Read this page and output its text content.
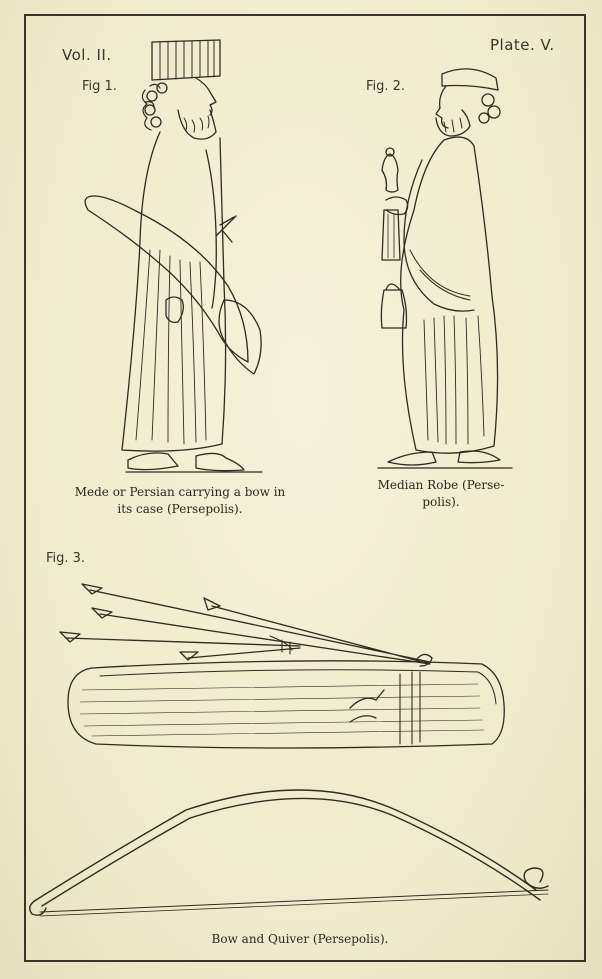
Vol. II.
Plate. V.
Fig 1.	Fig. 2.
Fig. 3.
Mede or Persian carrying a bow in
its case (Persepolis).
Median Robe (Perse-
polis).
Bow and Quiver (Persepolis).
